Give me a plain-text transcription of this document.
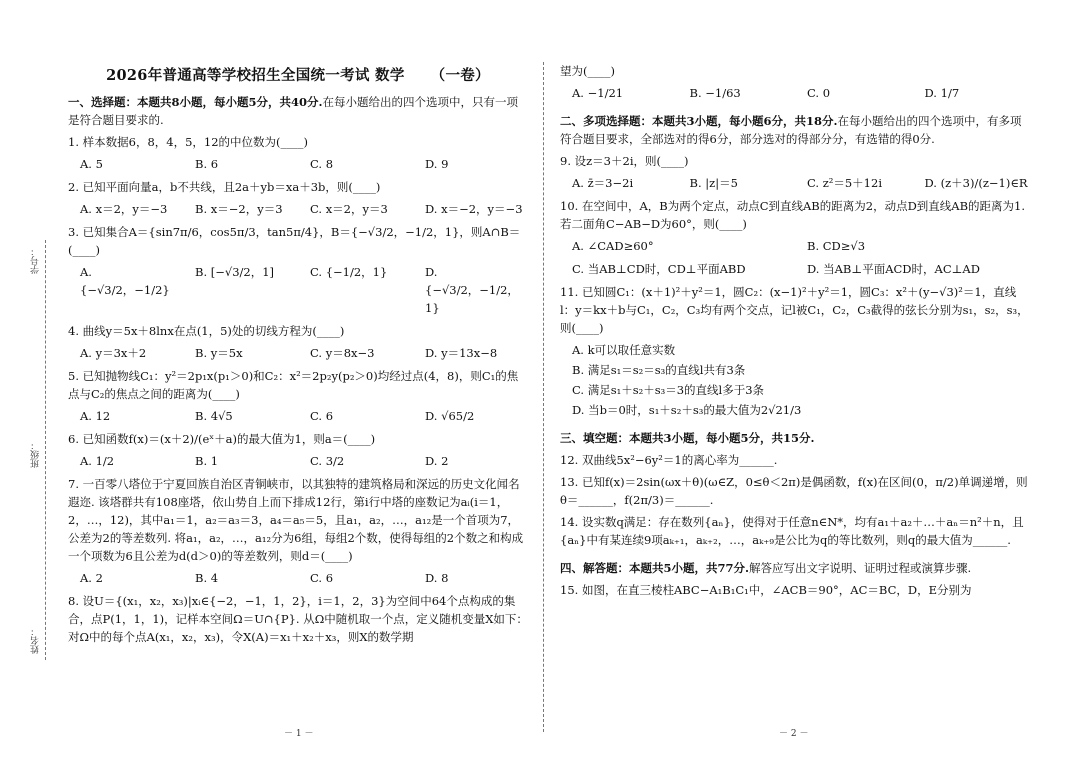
学号：
班级：
姓名：
2026年普通高等学校招生全国统一考试 数学 （一卷）
一、选择题：本题共8小题，每小题5分，共40分.在每小题给出的四个选项中，只有一项是符合题目要求的.
1. 样本数据6，8，4，5，12的中位数为(____)
A. 5	B. 6	C. 8	D. 9
2. 已知平面向量a，b不共线，且2a＋yb＝xa＋3b，则(____)
A. x＝2，y＝−3	B. x＝−2，y＝3	C. x＝2，y＝3	D. x＝−2，y＝−3
3. 已知集合A＝{sin7π/6，cos5π/3，tan5π/4}，B＝{−√3/2，−1/2，1}，则A∩B＝(____)
A. {−√3/2，−1/2}
B. [−√3/2，1]	C. {−1/2，1}	D. {−√3/2，−1/2，1}
4. 曲线y＝5x＋8lnx在点(1，5)处的切线方程为(____)
A. y＝3x＋2	B. y＝5x	C. y＝8x−3	D. y＝13x−8
5. 已知抛物线C₁：y²＝2p₁x(p₁＞0)和C₂：x²＝2p₂y(p₂＞0)均经过点(4，8)，则C₁的焦点与C₂的焦点之间的距离为(____)
A. 12	B. 4√5	C. 6	D. √65/2
6. 已知函数f(x)＝(x＋2)/(eˣ＋a)的最大值为1，则a＝(____)
A. 1/2	B. 1	C. 3/2	D. 2
7. 一百零八塔位于宁夏回族自治区青铜峡市，以其独特的建筑格局和深远的历史文化闻名遐迩. 该塔群共有108座塔，依山势自上而下排成12行，第i行中塔的座数记为aᵢ(i＝1，2，…，12)，其中a₁＝1，a₂＝a₃＝3，a₄＝a₅＝5，且a₁，a₂，…，a₁₂是一个首项为7，公差为2的等差数列. 将a₁，a₂，…，a₁₂分为6组，每组2个数，使得每组的2个数之和构成一个项数为6且公差为d(d＞0)的等差数列，则d＝(____)
A. 2	B. 4	C. 6	D. 8
8. 设U＝{(x₁，x₂，x₃)|xᵢ∈{−2，−1，1，2}，i＝1，2，3}为空间中64个点构成的集合，点P(1，1，1)，记样本空间Ω＝U∩{P}. 从Ω中随机取一个点，定义随机变量X如下：对Ω中的每个点A(x₁，x₂，x₃)，令X(A)＝x₁＋x₂＋x₃，则X的数学期
望为(____)
A. −1/21	B. −1/63	C. 0	D. 1/7
二、多项选择题：本题共3小题，每小题6分，共18分.在每小题给出的四个选项中，有多项符合题目要求，全部选对的得6分，部分选对的得部分分，有选错的得0分.
9. 设z＝3＋2i，则(____)
A. z̄＝3−2i	B. |z|＝5	C. z²＝5＋12i	D. (z＋3)/(z−1)∈R
10. 在空间中，A，B为两个定点，动点C到直线AB的距离为2，动点D到直线AB的距离为1. 若二面角C−AB−D为60°，则(____)
A. ∠CAD≥60°	B. CD≥√3
C. 当AB⊥CD时，CD⊥平面ABD	D. 当AB⊥平面ACD时，AC⊥AD
11. 已知圆C₁：(x＋1)²＋y²＝1，圆C₂：(x−1)²＋y²＝1，圆C₃：x²＋(y−√3)²＝1，直线l：y＝kx＋b与C₁，C₂，C₃均有两个交点，记l被C₁，C₂，C₃截得的弦长分别为s₁，s₂，s₃，则(____)
A. k可以取任意实数
B. 满足s₁＝s₂＝s₃的直线l共有3条
C. 满足s₁＋s₂＋s₃＝3的直线l多于3条
D. 当b＝0时，s₁＋s₂＋s₃的最大值为2√21/3
三、填空题：本题共3小题，每小题5分，共15分.
12. 双曲线5x²−6y²＝1的离心率为______.
13. 已知f(x)＝2sin(ωx＋θ)(ω∈Z，0≤θ＜2π)是偶函数，f(x)在区间(0，π/2)单调递增，则θ＝______，f(2π/3)＝______.
14. 设实数q满足：存在数列{aₙ}，使得对于任意n∈N*，均有a₁＋a₂＋…＋aₙ＝n²＋n，且{aₙ}中有某连续9项aₖ₊₁，aₖ₊₂，…，aₖ₊₉是公比为q的等比数列，则q的最大值为______.
四、解答题：本题共5小题，共77分.解答应写出文字说明、证明过程或演算步骤.
15. 如图，在直三棱柱ABC−A₁B₁C₁中，∠ACB＝90°，AC＝BC，D，E分别为
－ 1 －	－ 2 －
